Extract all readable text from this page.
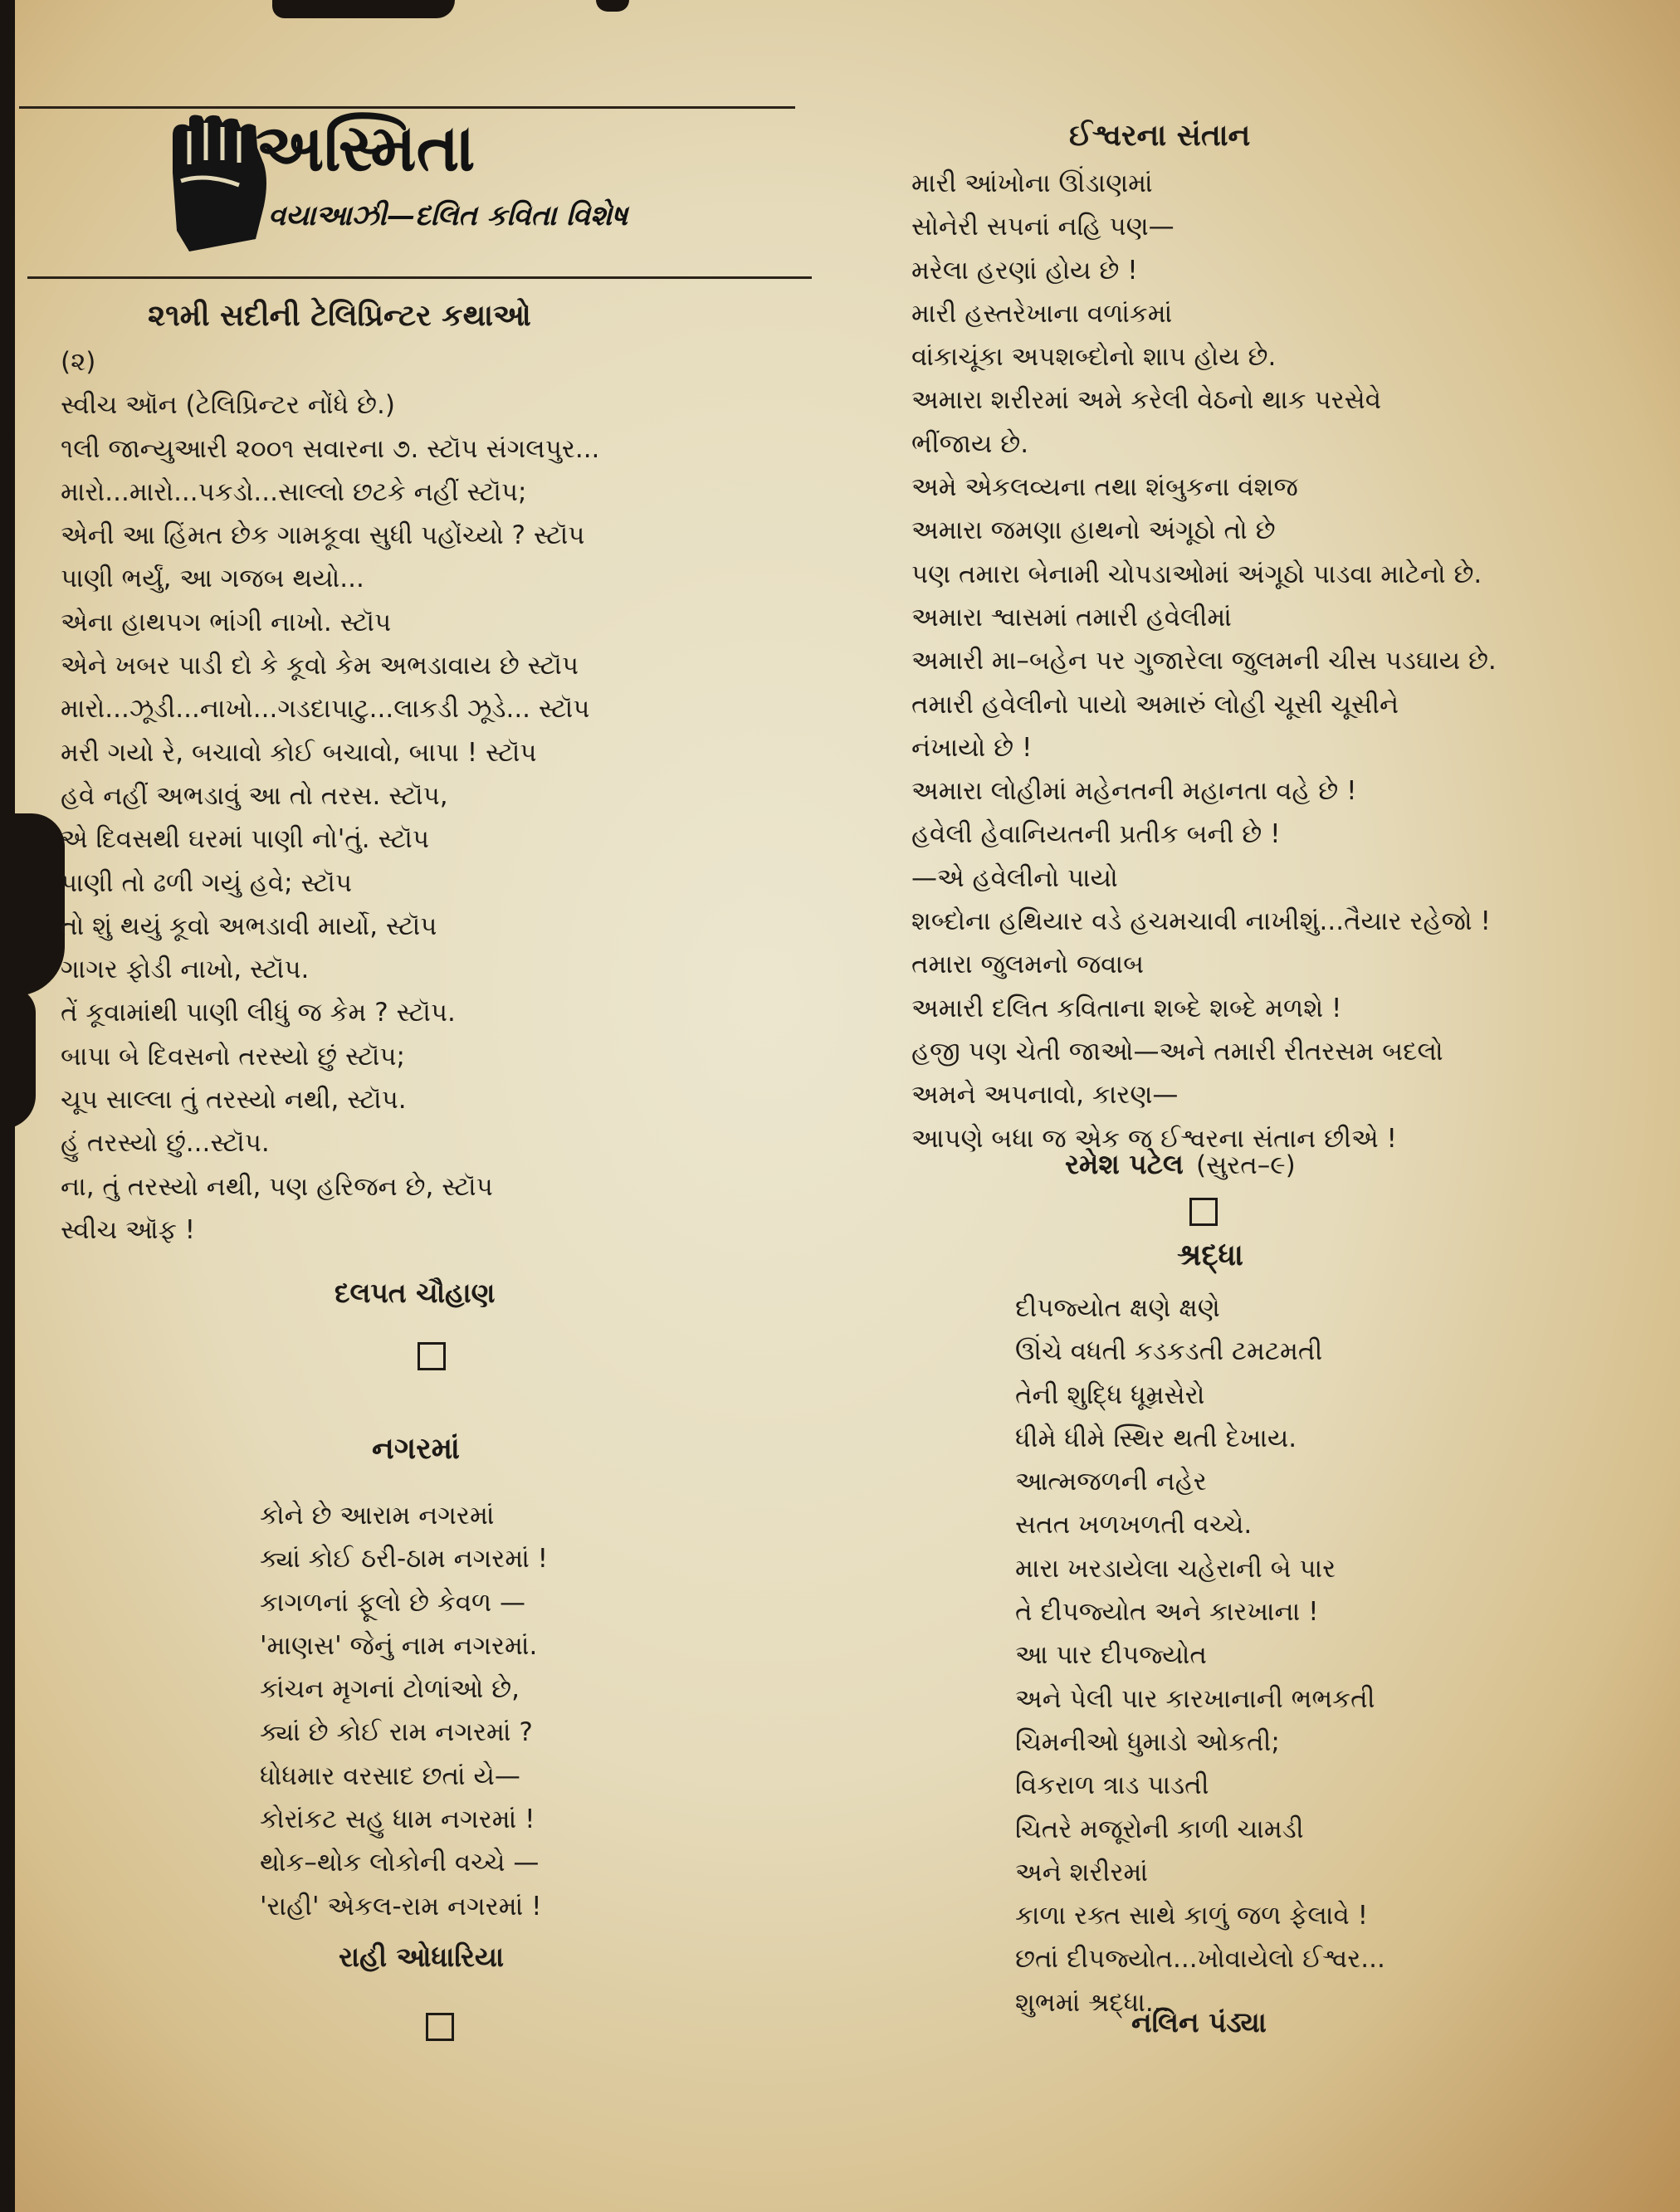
અસ્મિતા
વયાઆઝી—દલિત કવિતા વિશેષ
૨૧મી સદીની ટેલિપ્રિન્ટર કથાઓ
(૨)
સ્વીચ ઑન (ટેલિપ્રિન્ટર નોંધે છે.)
૧લી જાન્યુઆરી ૨૦૦૧ સવારના ૭. સ્ટૉપ સંગલપુર...
મારો...મારો...પકડો...સાલ્લો છટકે નહીં સ્ટૉપ;
એની આ હિંમત છેક ગામકૂવા સુધી પહોંચ્યો ? સ્ટૉપ
પાણી ભર્યું, આ ગજબ થયો...
એના હાથપગ ભાંગી નાખો. સ્ટૉપ
એને ખબર પાડી દો કે કૂવો કેમ અભડાવાય છે સ્ટૉપ
મારો...ઝૂડી...નાખો...ગડદાપાટુ...લાકડી ઝૂડે... સ્ટૉપ
મરી ગયો રે, બચાવો કોઈ બચાવો, બાપા ! સ્ટૉપ
હવે નહીં અભડાવું આ તો તરસ. સ્ટૉપ,
એ દિવસથી ઘરમાં પાણી નો'તું. સ્ટૉપ
પાણી તો ઢળી ગયું હવે; સ્ટૉપ
તો શું થયું કૂવો અભડાવી માર્યો, સ્ટૉપ
ગાગર ફોડી નાખો, સ્ટૉપ.
તેં કૂવામાંથી પાણી લીધું જ કેમ ? સ્ટૉપ.
બાપા બે દિવસનો તરસ્યો છું સ્ટૉપ;
ચૂપ સાલ્લા તું તરસ્યો નથી, સ્ટૉપ.
હું તરસ્યો છું...સ્ટૉપ.
ના, તું તરસ્યો નથી, પણ હરિજન છે, સ્ટૉપ
સ્વીચ ઑફ !
દલપત ચૌહાણ
નગરમાં
કોને છે આરામ નગરમાં
ક્યાં કોઈ ઠરી-ઠામ નગરમાં !
કાગળનાં ફૂલો છે કેવળ —
'માણસ' જેનું નામ નગરમાં.
કાંચન મૃગનાં ટોળાંઓ છે,
ક્યાં છે કોઈ રામ નગરમાં ?
ધોધમાર વરસાદ છતાં યે—
કોરાંકટ સહુ ધામ નગરમાં !
થોક–થોક લોકોની વચ્ચે —
'રાહી' એકલ-રામ નગરમાં !
રાહી ઓધારિયા
ઈશ્વરના સંતાન
મારી આંખોના ઊંડાણમાં
સોનેરી સપનાં નહિ પણ—
મરેલા હરણાં હોય છે !
મારી હસ્તરેખાના વળાંકમાં
વાંકાચૂંકા અપશબ્દોનો શાપ હોય છે.
અમારા શરીરમાં અમે કરેલી વેઠનો થાક પરસેવે
ભીંજાય છે.
અમે એકલવ્યના તથા શંબુકના વંશજ
અમારા જમણા હાથનો અંગૂઠો તો છે
પણ તમારા બેનામી ચોપડાઓમાં અંગૂઠો પાડવા માટેનો છે.
અમારા શ્વાસમાં તમારી હવેલીમાં
અમારી મા–બહેન પર ગુજારેલા જુલમની ચીસ પડઘાય છે.
તમારી હવેલીનો પાયો અમારું લોહી ચૂસી ચૂસીને
નંખાયો છે !
અમારા લોહીમાં મહેનતની મહાનતા વહે છે !
હવેલી હેવાનિયતની પ્રતીક બની છે !
—એ હવેલીનો પાયો
શબ્દોના હથિયાર વડે હચમચાવી નાખીશું...તૈયાર રહેજો !
તમારા જુલમનો જવાબ
અમારી દલિત કવિતાના શબ્દે શબ્દે મળશે !
હજી પણ ચેતી જાઓ—અને તમારી રીતરસમ બદલો
અમને અપનાવો, કારણ—
આપણે બધા જ એક જ ઈશ્વરના સંતાન છીએ !
રમેશ પટેલ (સુરત–૯)
શ્રદ્ધા
દીપજ્યોત ક્ષણે ક્ષણે
ઊંચે વધતી કડકડતી ટમટમતી
તેની શુદ્ધિ ધૂમ્રસેરો
ધીમે ધીમે સ્થિર થતી દેખાય.
આત્મજળની નહેર
સતત ખળખળતી વચ્ચે.
મારા ખરડાયેલા ચહેરાની બે પાર
તે દીપજ્યોત અને કારખાના !
આ પાર દીપજ્યોત
અને પેલી પાર કારખાનાની ભભકતી
ચિમનીઓ ધુમાડો ઓકતી;
વિકરાળ ત્રાડ પાડતી
ચિતરે મજૂરોની કાળી ચામડી
અને શરીરમાં
કાળા રક્ત સાથે કાળું જળ ફેલાવે !
છતાં દીપજ્યોત...ખોવાયેલો ઈશ્વર...
શુભમાં શ્રદ્ધા...
નલિન પંડ્યા
